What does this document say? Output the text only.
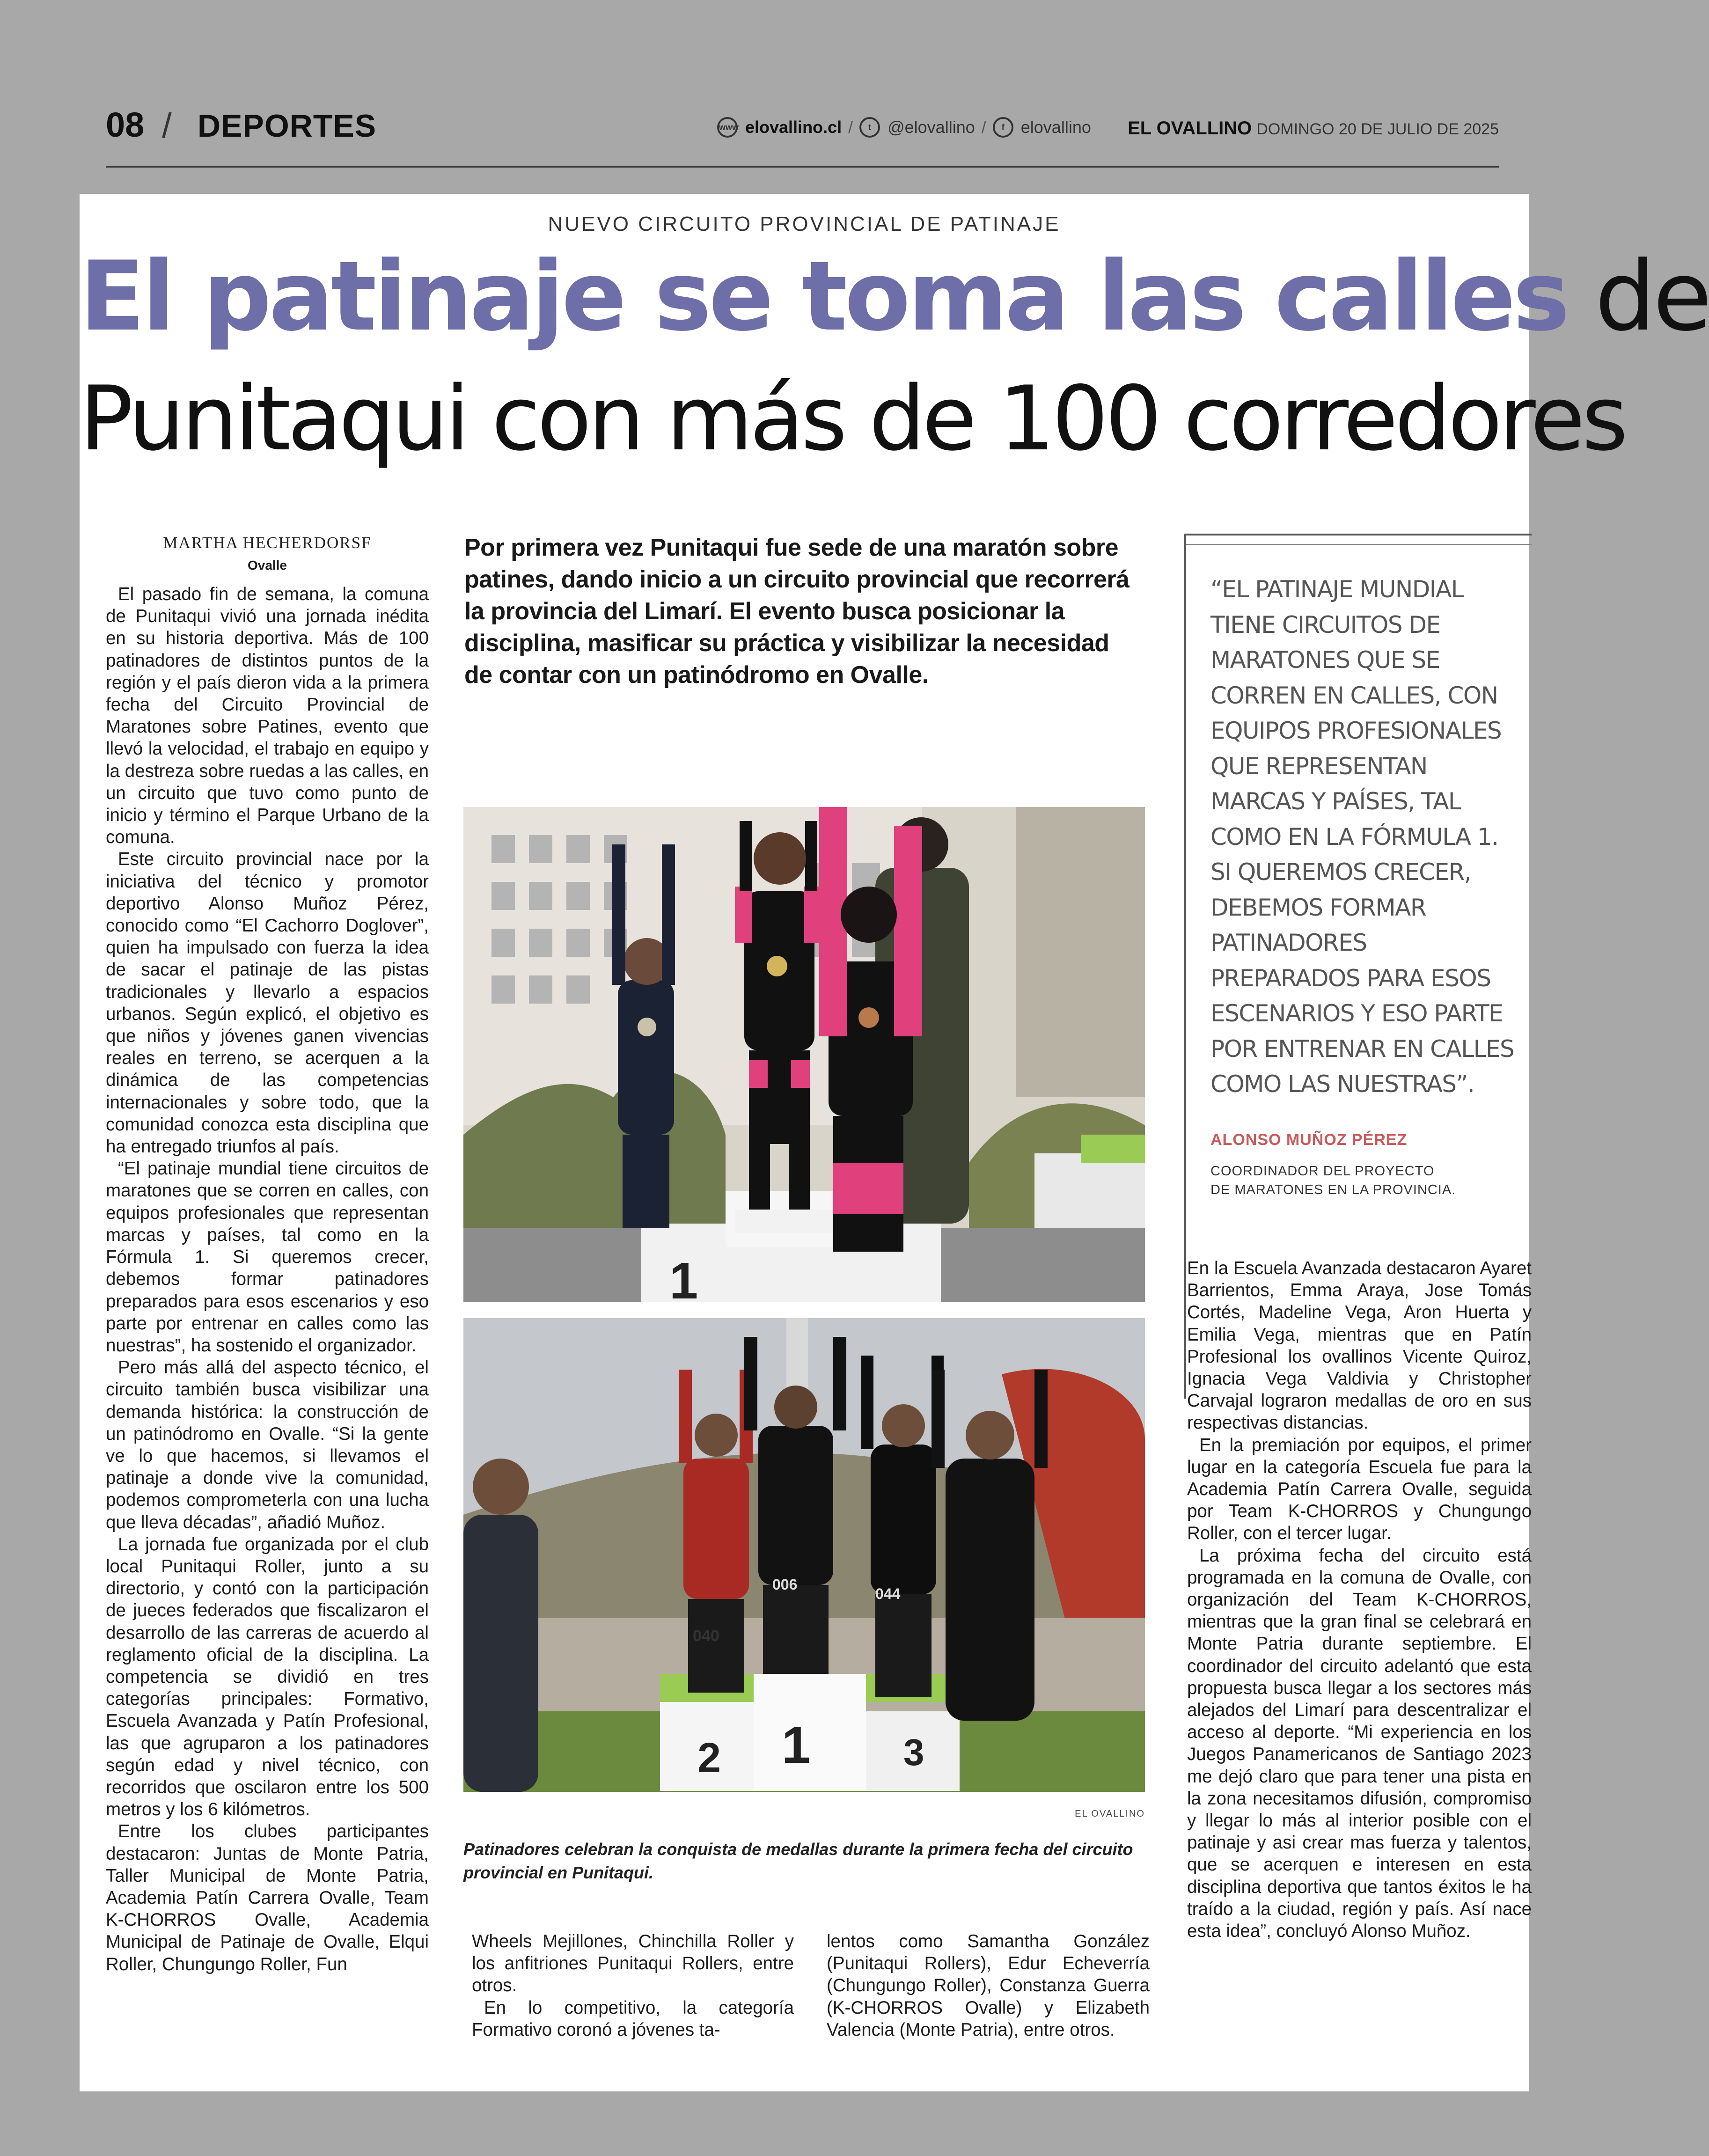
08 / DEPORTES	www elovallino.cl /	t @elovallino /	f elovallino EL OVALLINO DOMINGO 20 DE JULIO DE 2025
NUEVO CIRCUITO PROVINCIAL DE PATINAJE
El patinaje se toma las calles de
Punitaqui con más de 100 corredores
MARTHA HECHERDORSF
Ovalle

El pasado fin de semana, la comuna de Punitaqui vivió una jornada inédita en su historia deportiva. Más de 100 patinadores de distintos puntos de la región y el país dieron vida a la primera fecha del Circuito Provincial de Maratones sobre Patines, evento que llevó la velocidad, el trabajo en equipo y la destreza sobre ruedas a las calles, en un circuito que tuvo como punto de inicio y término el Parque Urbano de la comuna.

Este circuito provincial nace por la iniciativa del técnico y promotor deportivo Alonso Muñoz Pérez, conocido como “El Cachorro Doglover”, quien ha impulsado con fuerza la idea de sacar el patinaje de las pistas tradicionales y llevarlo a espacios urbanos. Según explicó, el objetivo es que niños y jóvenes ganen vivencias reales en terreno, se acerquen a la dinámica de las competencias internacionales y sobre todo, que la comunidad conozca esta disciplina que ha entregado triunfos al país.

“El patinaje mundial tiene circuitos de maratones que se corren en calles, con equipos profesionales que representan marcas y países, tal como en la Fórmula 1. Si queremos crecer, debemos formar patinadores preparados para esos escenarios y eso parte por entrenar en calles como las nuestras”, ha sostenido el organizador.

Pero más allá del aspecto técnico, el circuito también busca visibilizar una demanda histórica: la construcción de un patinódromo en Ovalle. “Si la gente ve lo que hacemos, si llevamos el patinaje a donde vive la comunidad, podemos comprometerla con una lucha que lleva décadas”, añadió Muñoz.

La jornada fue organizada por el club local Punitaqui Roller, junto a su directorio, y contó con la participación de jueces federados que fiscalizaron el desarrollo de las carreras de acuerdo al reglamento oficial de la disciplina. La competencia se dividió en tres categorías principales: Formativo, Escuela Avanzada y Patín Profesional, las que agruparon a los patinadores según edad y nivel técnico, con recorridos que oscilaron entre los 500 metros y los 6 kilómetros.

Entre los clubes participantes destacaron: Juntas de Monte Patria, Taller Municipal de Monte Patria, Academia Patín Carrera Ovalle, Team K-CHORROS Ovalle, Academia Municipal de Patinaje de Ovalle, Elqui Roller, Chungungo Roller, Fun

Por primera vez Punitaqui fue sede de una maratón sobre patines, dando inicio a un circuito provincial que recorrerá la provincia del Limarí. El evento busca posicionar la disciplina, masificar su práctica y visibilizar la necesidad de contar con un patinódromo en Ovalle.
1
1
2	3
040
006
044
EL OVALLINO
Patinadores celebran la conquista de medallas durante la primera fecha del circuito provincial en Punitaqui.

Wheels Mejillones, Chinchilla Roller y los anfitriones Punitaqui Rollers, entre otros.

En lo competitivo, la categoría Formativo coronó a jóvenes ta-

lentos como Samantha González (Punitaqui Rollers), Edur Echeverría (Chungungo Roller), Constanza Guerra (K-CHORROS Ovalle) y Elizabeth Valencia (Monte Patria), entre otros.

“EL PATINAJE MUNDIAL TIENE CIRCUITOS DE MARATONES QUE SE CORREN EN CALLES, CON EQUIPOS PROFESIONALES QUE REPRESENTAN MARCAS Y PAÍSES, TAL COMO EN LA FÓRMULA 1. SI QUEREMOS CRECER, DEBEMOS FORMAR PATINADORES PREPARADOS PARA ESOS ESCENARIOS Y ESO PARTE POR ENTRENAR EN CALLES COMO LAS NUESTRAS”.
ALONSO MUÑOZ PÉREZ
COORDINADOR DEL PROYECTO
DE MARATONES EN LA PROVINCIA.

En la Escuela Avanzada destacaron Ayaret Barrientos, Emma Araya, Jose Tomás Cortés, Madeline Vega, Aron Huerta y Emilia Vega, mientras que en Patín Profesional los ovallinos Vicente Quiroz, Ignacia Vega Valdivia y Christopher Carvajal lograron medallas de oro en sus respectivas distancias.

En la premiación por equipos, el primer lugar en la categoría Escuela fue para la Academia Patín Carrera Ovalle, seguida por Team K-CHORROS y Chungungo Roller, con el tercer lugar.

La próxima fecha del circuito está programada en la comuna de Ovalle, con organización del Team K-CHORROS, mientras que la gran final se celebrará en Monte Patria durante septiembre. El coordinador del circuito adelantó que esta propuesta busca llegar a los sectores más alejados del Limarí para descentralizar el acceso al deporte. “Mi experiencia en los Juegos Panamericanos de Santiago 2023 me dejó claro que para tener una pista en la zona necesitamos difusión, compromiso y llegar lo más al interior posible con el patinaje y asi crear mas fuerza y talentos, que se acerquen e interesen en esta disciplina deportiva que tantos éxitos le ha traído a la ciudad, región y país. Así nace esta idea”, concluyó Alonso Muñoz.
